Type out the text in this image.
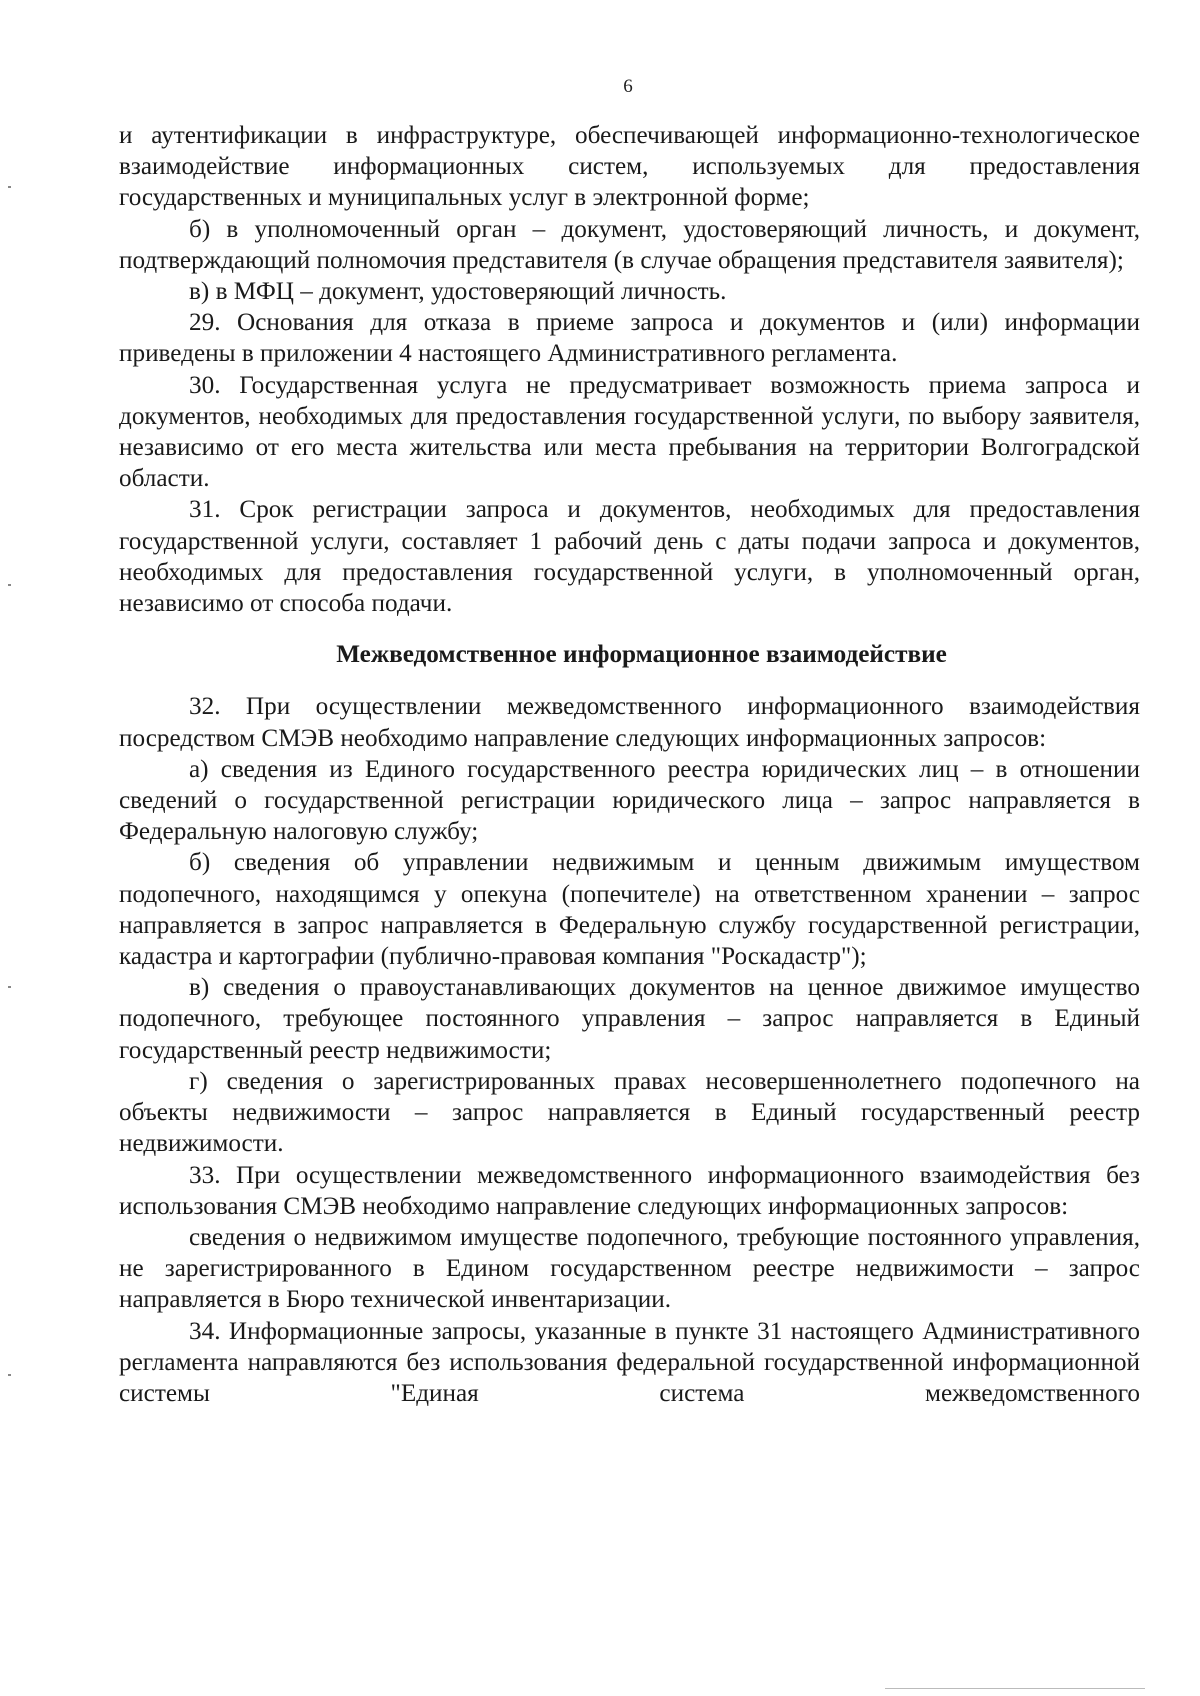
6

и аутентификации в инфраструктуре, обеспечивающей информационно-технологическое взаимодействие информационных систем, используемых для предоставления государственных и муниципальных услуг в электронной форме;

б) в уполномоченный орган – документ, удостоверяющий личность, и документ, подтверждающий полномочия представителя (в случае обращения представителя заявителя);

в) в МФЦ – документ, удостоверяющий личность.

29. Основания для отказа в приеме запроса и документов и (или) информации приведены в приложении 4 настоящего Административного регламента.

30. Государственная услуга не предусматривает возможность приема запроса и документов, необходимых для предоставления государственной услуги, по выбору заявителя, независимо от его места жительства или места пребывания на территории Волгоградской области.

31. Срок регистрации запроса и документов, необходимых для предоставления государственной услуги, составляет 1 рабочий день с даты подачи запроса и документов, необходимых для предоставления государственной услуги, в уполномоченный орган, независимо от способа подачи.

Межведомственное информационное взаимодействие

32. При осуществлении межведомственного информационного взаимодействия посредством СМЭВ необходимо направление следующих информационных запросов:

а) сведения из Единого государственного реестра юридических лиц – в отношении сведений о государственной регистрации юридического лица – запрос направляется в Федеральную налоговую службу;

б) сведения об управлении недвижимым и ценным движимым имуществом подопечного, находящимся у опекуна (попечителе) на ответственном хранении – запрос направляется в запрос направляется в Федеральную службу государственной регистрации, кадастра и картографии (публично-правовая компания "Роскадастр");

в) сведения о правоустанавливающих документов на ценное движимое имущество подопечного, требующее постоянного управления – запрос направляется в Единый государственный реестр недвижимости;

г) сведения о зарегистрированных правах несовершеннолетнего подопечного на объекты недвижимости – запрос направляется в Единый государственный реестр недвижимости.

33. При осуществлении межведомственного информационного взаимодействия без использования СМЭВ необходимо направление следующих информационных запросов:

сведения о недвижимом имуществе подопечного, требующие постоянного управления, не зарегистрированного в Едином государственном реестре недвижимости – запрос направляется в Бюро технической инвентаризации.

34. Информационные запросы, указанные в пункте 31 настоящего Административного регламента направляются без использования федеральной государственной информационной системы "Единая система межведомственного
